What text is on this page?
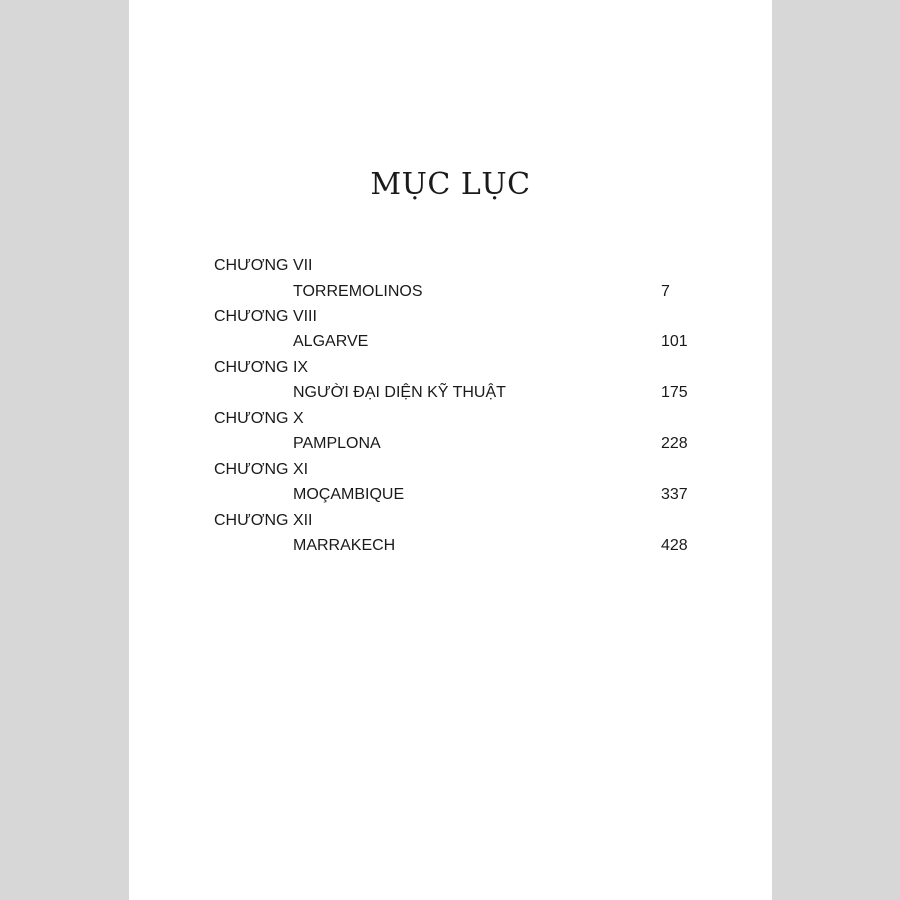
MỤC LỤC
CHƯƠNG VII
TORREMOLINOS	7
CHƯƠNG VIII
ALGARVE	101
CHƯƠNG IX
NGƯỜI ĐẠI DIỆN KỸ THUẬT	175
CHƯƠNG X
PAMPLONA	228
CHƯƠNG XI
MOÇAMBIQUE	337
CHƯƠNG XII
MARRAKECH	428
